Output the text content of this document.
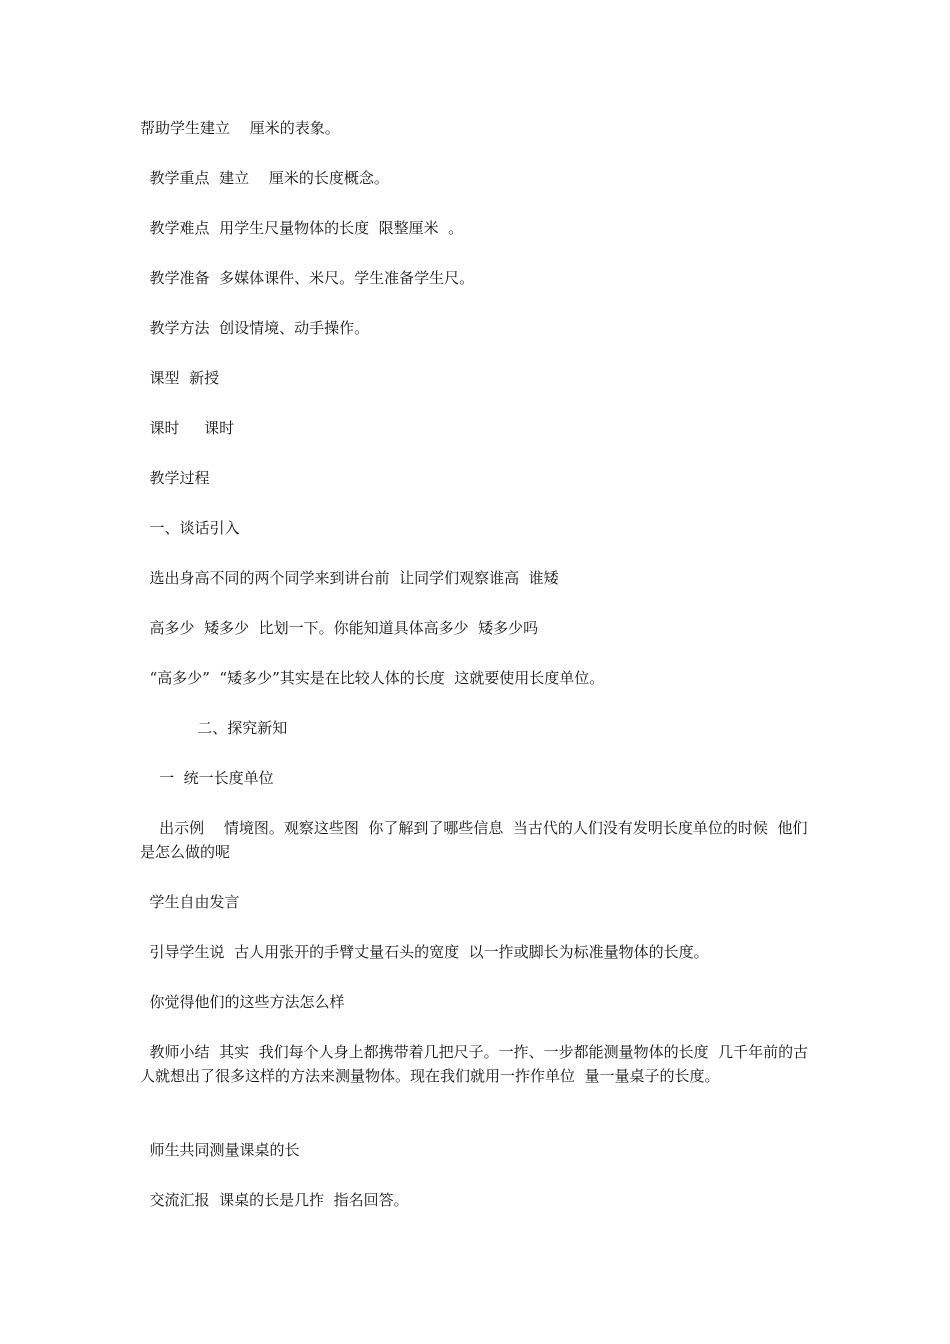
帮助学生建立 　厘米的表象。
教学重点  建立 　厘米的长度概念。
教学难点  用学生尺量物体的长度  限整厘米  。
教学准备  多媒体课件、米尺。学生准备学生尺。
教学方法  创设情境、动手操作。
课型  新授
课时 　 课时
教学过程
一、谈话引入
选出身高不同的两个同学来到讲台前  让同学们观察谁高  谁矮
高多少  矮多少  比划一下。你能知道具体高多少  矮多少吗
“高多少”  “矮多少”其实是在比较人体的长度  这就要使用长度单位。
二、探究新知
一  统一长度单位
出示例 　情境图。观察这些图  你了解到了哪些信息  当古代的人们没有发明长度单位的时候  他们是怎么做的呢
学生自由发言
引导学生说  古人用张开的手臂丈量石头的宽度  以一拃或脚长为标准量物体的长度。
你觉得他们的这些方法怎么样
教师小结  其实  我们每个人身上都携带着几把尺子。一拃、一步都能测量物体的长度  几千年前的古人就想出了很多这样的方法来测量物体。现在我们就用一拃作单位  量一量桌子的长度。
师生共同测量课桌的长
交流汇报  课桌的长是几拃  指名回答。
